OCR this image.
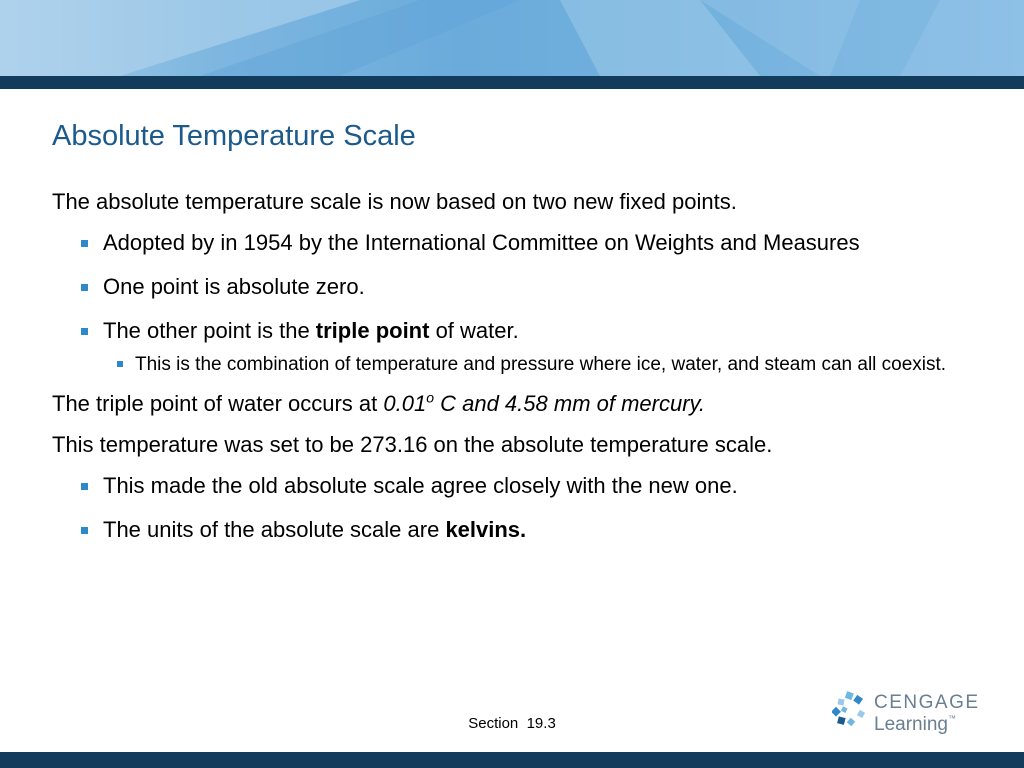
Absolute Temperature Scale

The absolute temperature scale is now based on two new fixed points.

Adopted by in 1954 by the International Committee on Weights and Measures
One point is absolute zero.
The other point is the triple point of water.
This is the combination of temperature and pressure where ice, water, and steam can all coexist.

The triple point of water occurs at 0.01$^o$ C and 4.58 mm of mercury.

This temperature was set to be 273.16 on the absolute temperature scale.

This made the old absolute scale agree closely with the new one.
The units of the absolute scale are kelvins.
Section  19.3
CENGAGE
Learning™
